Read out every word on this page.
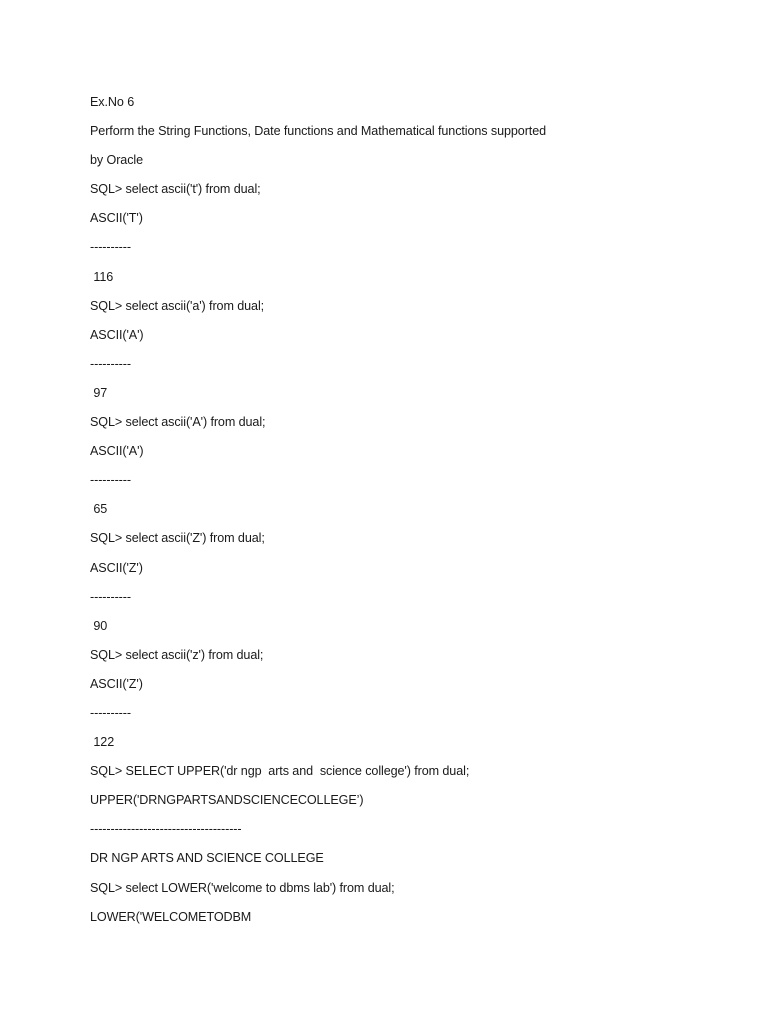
Ex.No 6
Perform the String Functions, Date functions and Mathematical functions supported
by Oracle
SQL> select ascii('t') from dual;
ASCII('T')
----------
116
SQL> select ascii('a') from dual;
ASCII('A')
----------
97
SQL> select ascii('A') from dual;
ASCII('A')
----------
65
SQL> select ascii('Z') from dual;
ASCII('Z')
----------
90
SQL> select ascii('z') from dual;
ASCII('Z')
----------
122
SQL> SELECT UPPER('dr ngp  arts and  science college') from dual;
UPPER('DRNGPARTSANDSCIENCECOLLEGE’)
-------------------------------------
DR NGP ARTS AND SCIENCE COLLEGE
SQL> select LOWER('welcome to dbms lab') from dual;
LOWER('WELCOMETODBM
